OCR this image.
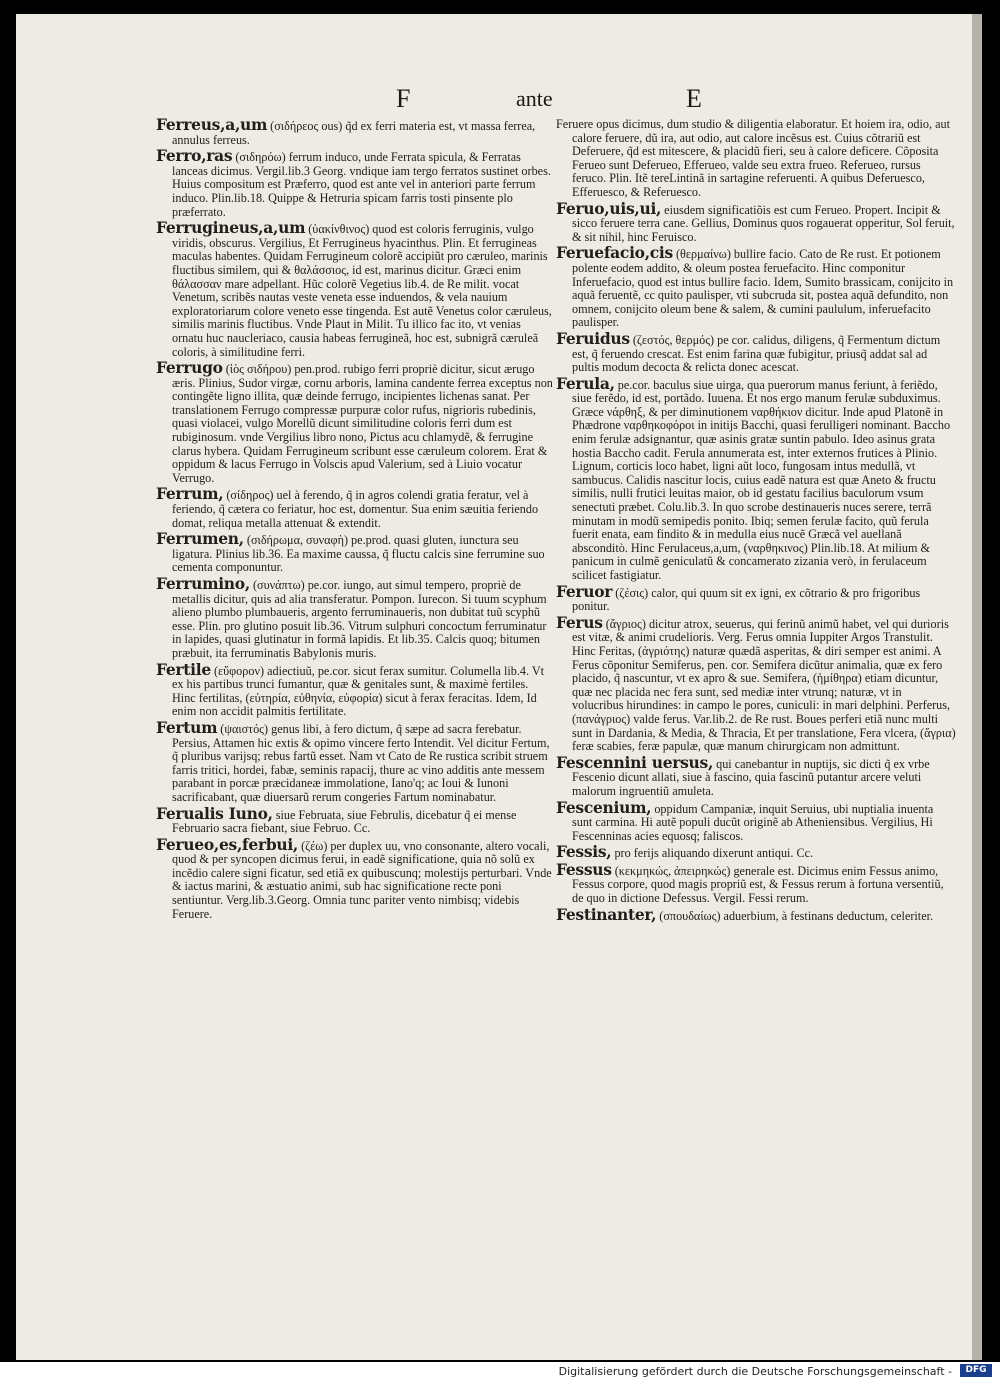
F	ante	E
Ferreus,a,um (σιδήρεος ous) q̃d ex ferri materia est, vt massa ferrea, annulus ferreus.
Ferro,ras (σιδηρόω) ferrum induco, unde Ferrata spicula, & Ferratas lanceas dicimus. Vergil.lib.3 Georg. vndique iam tergo ferratos sustinet orbes. Huius compositum est Præferro, quod est ante vel in anteriori parte ferrum induco. Plin.lib.18. Quippe & Hetruria spicam farris tosti pinsente plo præferrato.
Ferrugineus,a,um (ὑακίνθινος) quod est coloris ferruginis, vulgo viridis, obscurus. Vergilius, Et Ferrugineus hyacinthus. Plin. Et ferrugineas maculas habentes. Quidam Ferrugineum colorẽ accipiũt pro cæruleo, marinis fluctibus similem, qui & θαλάσσιος, id est, marinus dicitur. Græci enim θάλασσαν mare adpellant. Hũc colorẽ Vegetius lib.4. de Re milit. vocat Venetum, scribẽs nautas veste veneta esse induendos, & vela nauium exploratoriarum colore veneto esse tingenda. Est autẽ Venetus color cæruleus, similis marinis fluctibus. Vnde Plaut in Milit. Tu illico fac ito, vt venias ornatu huc naucleriaco, causia habeas ferrugineã, hoc est, subnigrã cæruleã coloris, à similitudine ferri.
Ferrugo (ἰὸς σιδήρου) pen.prod. rubigo ferri propriè dicitur, sicut ærugo æris. Plinius, Sudor virgæ, cornu arboris, lamina candente ferrea exceptus non contingẽte ligno illita, quæ deinde ferrugo, incipientes lichenas sanat. Per translationem Ferrugo compressæ purpuræ color rufus, nigrioris rubedinis, quasi violacei, vulgo Morellũ dicunt similitudine coloris ferri dum est rubiginosum. vnde Vergilius libro nono, Pictus acu chlamydẽ, & ferrugine clarus hybera. Quidam Ferrugineum scribunt esse cæruleum colorem. Erat & oppidum & lacus Ferrugo in Volscis apud Valerium, sed à Liuio vocatur Verrugo.
Ferrum, (σίδηρος) uel à ferendo, q̃ in agros colendi gratia feratur, vel à feriendo, q̃ cætera co feriatur, hoc est, domentur. Sua enim sæuitia feriendo domat, reliqua metalla attenuat & extendit.
Ferrumen, (σιδήρωμα, συναφὴ) pe.prod. quasi gluten, iunctura seu ligatura. Plinius lib.36. Ea maxime caussa, q̃ fluctu calcis sine ferrumine suo cementa componuntur.
Ferrumino, (συνάπτω) pe.cor. iungo, aut simul tempero, propriè de metallis dicitur, quis ad alia transferatur. Pompon. Iurecon. Si tuum scyphum alieno plumbo plumbaueris, argento ferruminaueris, non dubitat tuũ scyphũ esse. Plin. pro glutino posuit lib.36. Vitrum sulphuri concoctum ferruminatur in lapides, quasi glutinatur in formã lapidis. Et lib.35. Calcis quoq; bitumen præbuit, ita ferruminatis Babylonis muris.
Fertile (εὔφορον) adiectiuũ, pe.cor. sicut ferax sumitur. Columella lib.4. Vt ex his partibus trunci fumantur, quæ & genitales sunt, & maximè fertiles. Hinc fertilitas, (εὐτηρία, εὐθηνία, εὐφορία) sicut à ferax feracitas. Idem, Id enim non accidit palmitis fertilitate.
Fertum (ψαιστός) genus libi, à fero dictum, q̃ sæpe ad sacra ferebatur. Persius, Attamen hic extis & opimo vincere ferto Intendit. Vel dicitur Fertum, q̃ pluribus varijsq; rebus fartũ esset. Nam vt Cato de Re rustica scribit struem farris tritici, hordei, fabæ, seminis rapacij, thure ac vino additis ante messem parabant in porcæ præcidaneæ immolatione, Iano'q; ac Ioui & Iunoni sacrificabant, quæ diuersarũ rerum congeries Fartum nominabatur.
Ferualis Iuno, siue Februata, siue Februlis, dicebatur q̃ ei mense Februario sacra fiebant, siue Februo. Cc.
Ferueo,es,ferbui, (ζέω) per duplex uu, vno consonante, altero vocali, quod & per syncopen dicimus ferui, in eadẽ significatione, quia nõ solũ ex incẽdio calere signi ficatur, sed etiã ex quibuscunq; molestijs perturbari. Vnde & iactus marini, & æstuatio animi, sub hac significatione recte poni sentiuntur. Verg.lib.3.Georg. Omnia tunc pariter vento nimbisq; videbis Feruere.
Feruere opus dicimus, dum studio & diligentia elaboratur. Et hoiem ira, odio, aut calore feruere, dũ ira, aut odio, aut calore incẽsus est. Cuius cõtrariũ est Deferuere, q̃d est mitescere, & placidũ fieri, seu à calore deficere. Cõposita Ferueo sunt Deferueo, Efferueo, valde seu extra frueo. Referueo, rursus feruco. Plin. Itẽ tereLintinã in sartagine referuenti. A quibus Deferuesco, Efferuesco, & Referuesco.
Feruo,uis,ui, eiusdem significatiõis est cum Ferueo. Propert. Incipit & sicco feruere terra cane. Gellius, Dominus quos rogauerat opperitur, Sol feruit, & sit nihil, hinc Feruisco.
Feruefacio,cis (θερμαίνω) bullire facio. Cato de Re rust. Et potionem polente eodem addito, & oleum postea feruefacito. Hinc componitur Inferuefacio, quod est intus bullire facio. Idem, Sumito brassicam, conijcito in aquã feruentẽ, cc quito paulisper, vti subcruda sit, postea aquã defundito, non omnem, conijcito oleum bene & salem, & cumini paululum, inferuefacito paulisper.
Feruidus (ζεστός, θερμός) pe cor. calidus, diligens, q̃ Fermentum dictum est, q̃ feruendo crescat. Est enim farina quæ fubigitur, priusq̃ addat sal ad pultis modum decocta & relicta donec acescat.
Ferula, pe.cor. baculus siue uirga, qua puerorum manus feriunt, à feriẽdo, siue ferẽdo, id est, portãdo. Iuuena. Et nos ergo manum ferulæ subduximus. Græce νάρθηξ, & per diminutionem ναρθήκιον dicitur. Inde apud Platonẽ in Phædrone ναρθηκοφόροι in initijs Bacchi, quasi ferulligeri nominant. Baccho enim ferulæ adsignantur, quæ asinis gratæ suntin pabulo. Ideo asinus grata hostia Baccho cadit. Ferula annumerata est, inter externos frutices à Plinio. Lignum, corticis loco habet, ligni aũt loco, fungosam intus medullã, vt sambucus. Calidis nascitur locis, cuius eadẽ natura est quæ Aneto & fructu similis, nulli frutici leuitas maior, ob id gestatu facilius baculorum vsum senectuti præbet. Colu.lib.3. In quo scrobe destinaueris nuces serere, terrã minutam in modũ semipedis ponito. Ibiq; semen ferulæ facito, quũ ferula fuerit enata, eam findito & in medulla eius nucẽ Græcã vel auellanã absconditò. Hinc Ferulaceus,a,um, (ναρθηκινος) Plin.lib.18. At milium & panicum in culmẽ geniculatũ & concamerato zizania verò, in ferulaceum scilicet fastigiatur.
Feruor (ζέσις) calor, qui quum sit ex igni, ex cõtrario & pro frigoribus ponitur.
Ferus (ἄγριος) dicitur atrox, seuerus, qui ferinũ animũ habet, vel qui durioris est vitæ, & animi crudelioris. Verg. Ferus omnia Iuppiter Argos Transtulit. Hinc Feritas, (ἀγριότης) naturæ quædã asperitas, & diri semper est animi. A Ferus cõponitur Semiferus, pen. cor. Semifera dicũtur animalia, quæ ex fero placido, q̃ nascuntur, vt ex apro & sue. Semifera, (ἡμίθηρα) etiam dicuntur, quæ nec placida nec fera sunt, sed mediæ inter vtrunq; naturæ, vt in volucribus hirundines: in campo le pores, cuniculi: in mari delphini. Perferus, (πανάγριος) valde ferus. Var.lib.2. de Re rust. Boues perferi etiã nunc multi sunt in Dardania, & Media, & Thracia, Et per translatione, Fera vlcera, (ἄγρια) feræ scabies, feræ papulæ, quæ manum chirurgicam non admittunt.
Fescennini uersus, qui canebantur in nuptijs, sic dicti q̃ ex vrbe Fescenio dicunt allati, siue à fascino, quia fascinũ putantur arcere veluti malorum ingruentiũ amuleta.
Fescenium, oppidum Campaniæ, inquit Seruius, ubi nuptialia inuenta sunt carmina. Hi autẽ populi ducũt originẽ ab Atheniensibus. Vergilius, Hi Fescenninas acies equosq; faliscos.
Fessis, pro ferijs aliquando dixerunt antiqui. Cc.
Fessus (κεκμηκώς, ἀπειρηκώς) generale est. Dicimus enim Fessus animo, Fessus corpore, quod magis propriũ est, & Fessus rerum à fortuna versentiũ, de quo in dictione Defessus. Vergil. Fessi rerum.
Festinanter, (σπουδαίως) aduerbium, à festinans deductum, celeriter.
Digitalisierung gefördert durch die Deutsche Forschungsgemeinschaft -	DFG
